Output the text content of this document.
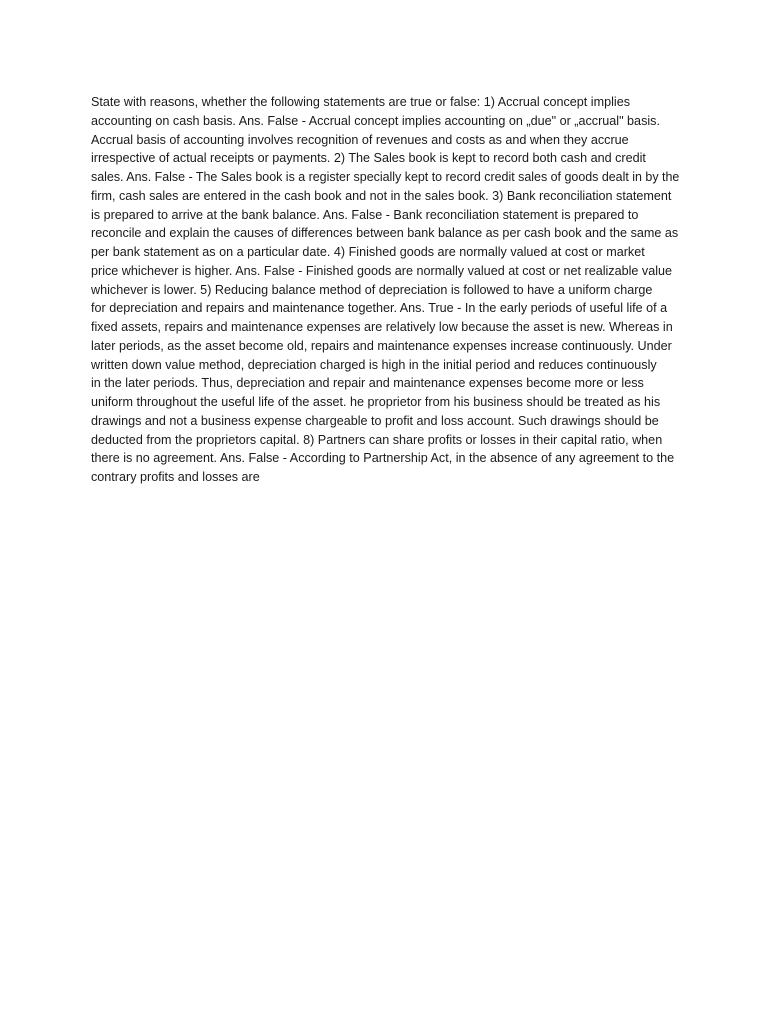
State with reasons, whether the following statements are true or false: 1) Accrual concept implies
accounting on cash basis. Ans. False - Accrual concept implies accounting on „due" or „accrual" basis.
Accrual basis of accounting involves recognition of revenues and costs as and when they accrue
irrespective of actual receipts or payments. 2) The Sales book is kept to record both cash and credit
sales. Ans. False - The Sales book is a register specially kept to record credit sales of goods dealt in by the
firm, cash sales are entered in the cash book and not in the sales book. 3) Bank reconciliation statement
is prepared to arrive at the bank balance. Ans. False - Bank reconciliation statement is prepared to
reconcile and explain the causes of differences between bank balance as per cash book and the same as
per bank statement as on a particular date. 4) Finished goods are normally valued at cost or market
price whichever is higher. Ans. False - Finished goods are normally valued at cost or net realizable value
whichever is lower. 5) Reducing balance method of depreciation is followed to have a uniform charge
for depreciation and repairs and maintenance together. Ans. True - In the early periods of useful life of a
fixed assets, repairs and maintenance expenses are relatively low because the asset is new. Whereas in
later periods, as the asset become old, repairs and maintenance expenses increase continuously. Under
written down value method, depreciation charged is high in the initial period and reduces continuously
in the later periods. Thus, depreciation and repair and maintenance expenses become more or less
uniform throughout the useful life of the asset. he proprietor from his business should be treated as his
drawings and not a business expense chargeable to profit and loss account. Such drawings should be
deducted from the proprietors capital. 8) Partners can share profits or losses in their capital ratio, when
there is no agreement. Ans. False - According to Partnership Act, in the absence of any agreement to the
contrary profits and losses are
